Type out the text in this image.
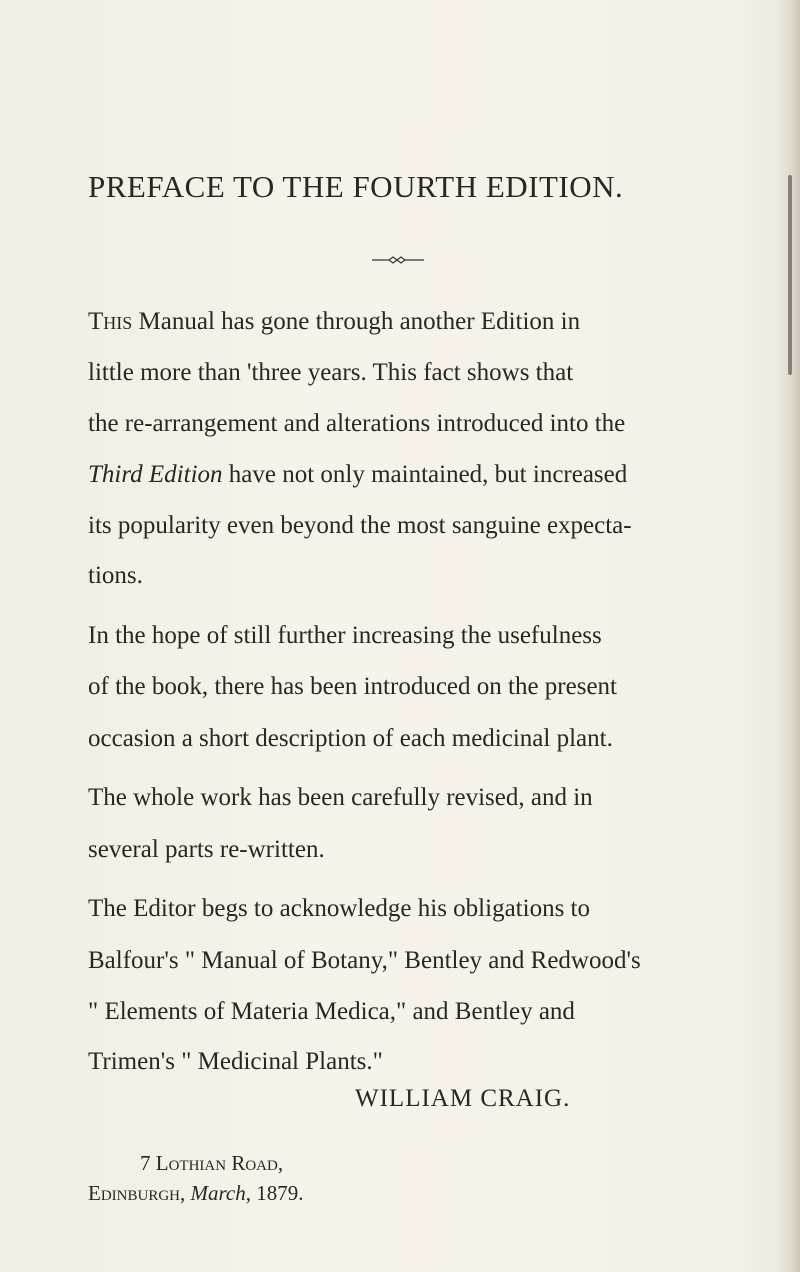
PREFACE TO THE FOURTH EDITION.
This Manual has gone through another Edition in
little more than 'three years. This fact shows that
the re-arrangement and alterations introduced into the
Third Edition have not only maintained, but increased
its popularity even beyond the most sanguine expecta-
tions.
In the hope of still further increasing the usefulness
of the book, there has been introduced on the present
occasion a short description of each medicinal plant.
The whole work has been carefully revised, and in
several parts re-written.
The Editor begs to acknowledge his obligations to
Balfour's " Manual of Botany," Bentley and Redwood's
" Elements of Materia Medica," and Bentley and
Trimen's " Medicinal Plants."
WILLIAM CRAIG.
7 Lothian Road,
Edinburgh, March, 1879.
